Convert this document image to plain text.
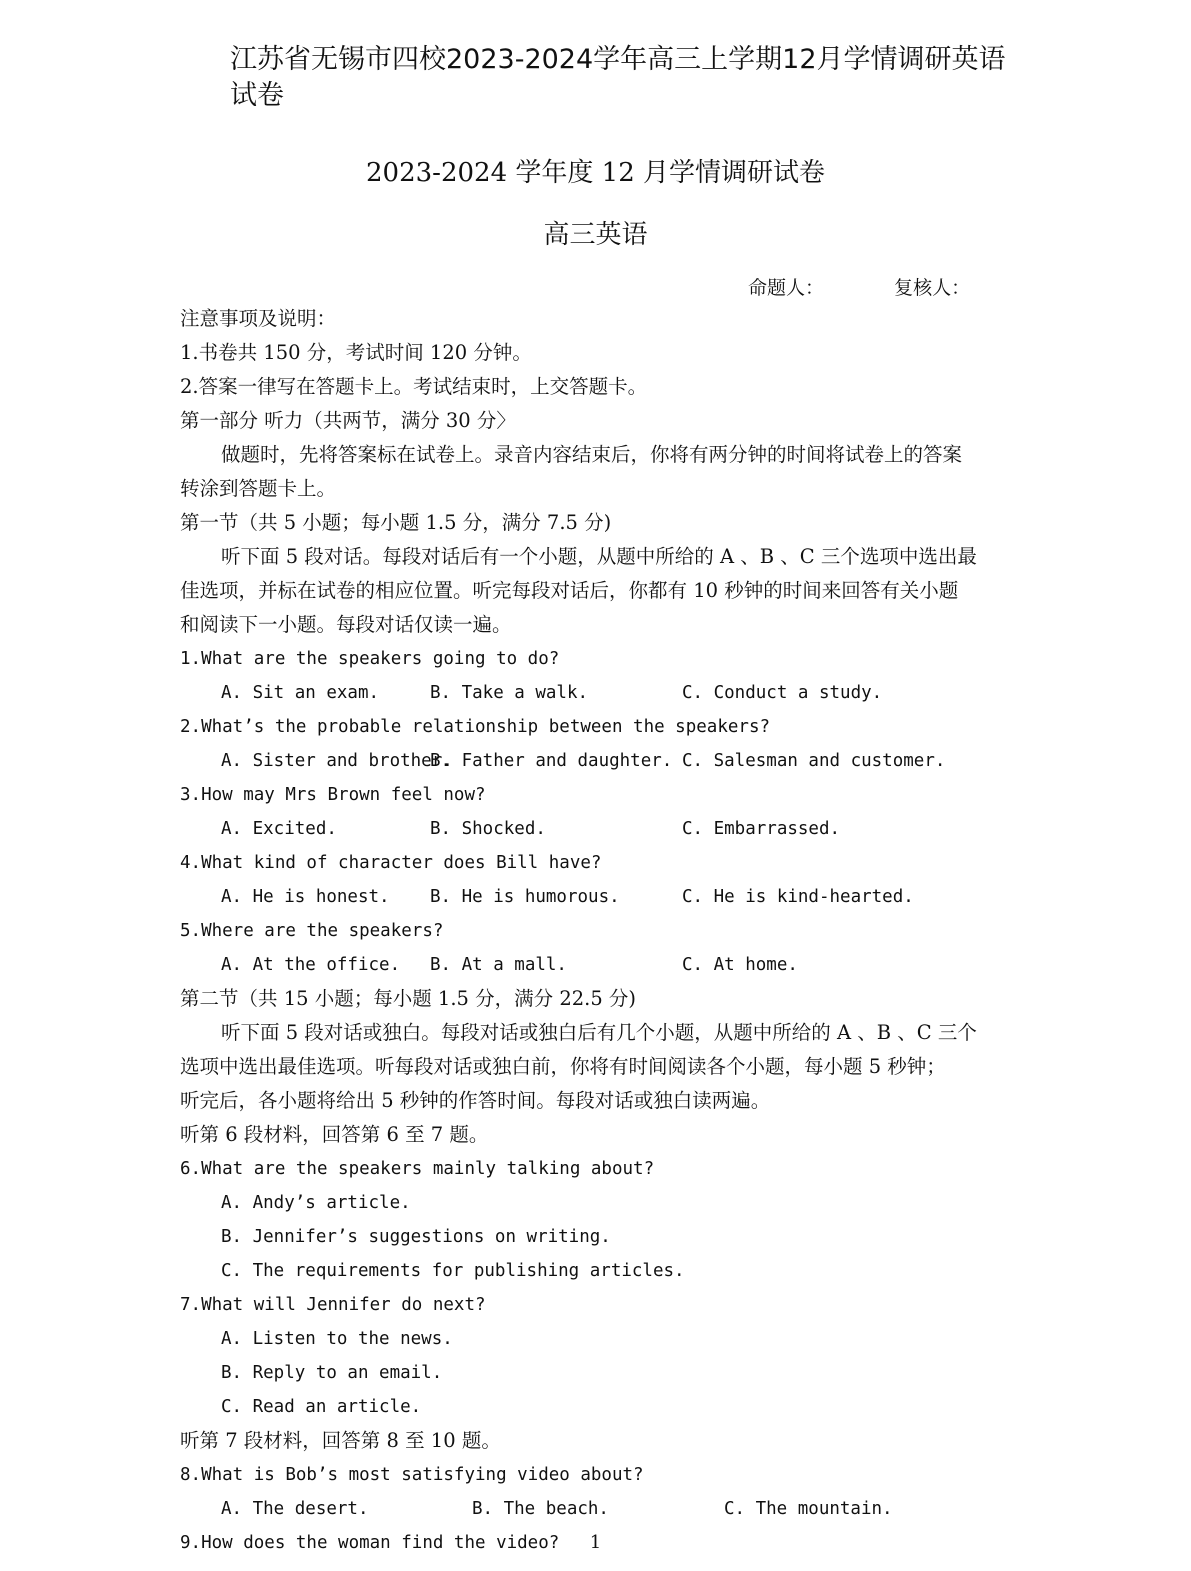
江苏省无锡市四校2023-2024学年高三上学期12月学情调研英语试卷
2023-2024 学年度 12 月学情调研试卷
高三英语
命题人：	复核人：
注意事项及说明：
1.书卷共 150 分，考试时间 120 分钟。
2.答案一律写在答题卡上。考试结束时，上交答题卡。
第一部分 听力（共两节，满分 30 分〉
做题时，先将答案标在试卷上。录音内容结束后，你将有两分钟的时间将试卷上的答案
转涂到答题卡上。
第一节（共 5 小题；每小题 1.5 分，满分 7.5 分)
听下面 5 段对话。每段对话后有一个小题，从题中所给的 A 、B 、C 三个选项中选出最
佳选项，并标在试卷的相应位置。听完每段对话后，你都有 10 秒钟的时间来回答有关小题
和阅读下一小题。每段对话仅读一遍。
1.What are the speakers going to do?
A. Sit an exam.	B. Take a walk.	C. Conduct a study.
2.What’s the probable relationship between the speakers?
A. Sister and brother.
B. Father and daughter. C. Salesman and customer.
3.How may Mrs Brown feel now?
A. Excited.	B. Shocked.	C. Embarrassed.
4.What kind of character does Bill have?
A. He is honest. B. He is humorous.	C. He is kind-hearted.
5.Where are the speakers?
A. At the office. B. At a mall.	C. At home.
第二节（共 15 小题；每小题 1.5 分，满分 22.5 分)
听下面 5 段对话或独白。每段对话或独白后有几个小题，从题中所给的 A 、B 、C 三个
选项中选出最佳选项。听每段对话或独白前，你将有时间阅读各个小题，每小题 5 秒钟；
听完后，各小题将给出 5 秒钟的作答时间。每段对话或独白读两遍。
听第 6 段材料，回答第 6 至 7 题。
6.What are the speakers mainly talking about?
A. Andy’s article.
B. Jennifer’s suggestions on writing.
C. The requirements for publishing articles.
7.What will Jennifer do next?
A. Listen to the news.
B. Reply to an email.
C. Read an article.
听第 7 段材料，回答第 8 至 10 题。
8.What is Bob’s most satisfying video about?
A. The desert.	B. The beach.	C. The mountain.
9.How does the woman find the video?	1
